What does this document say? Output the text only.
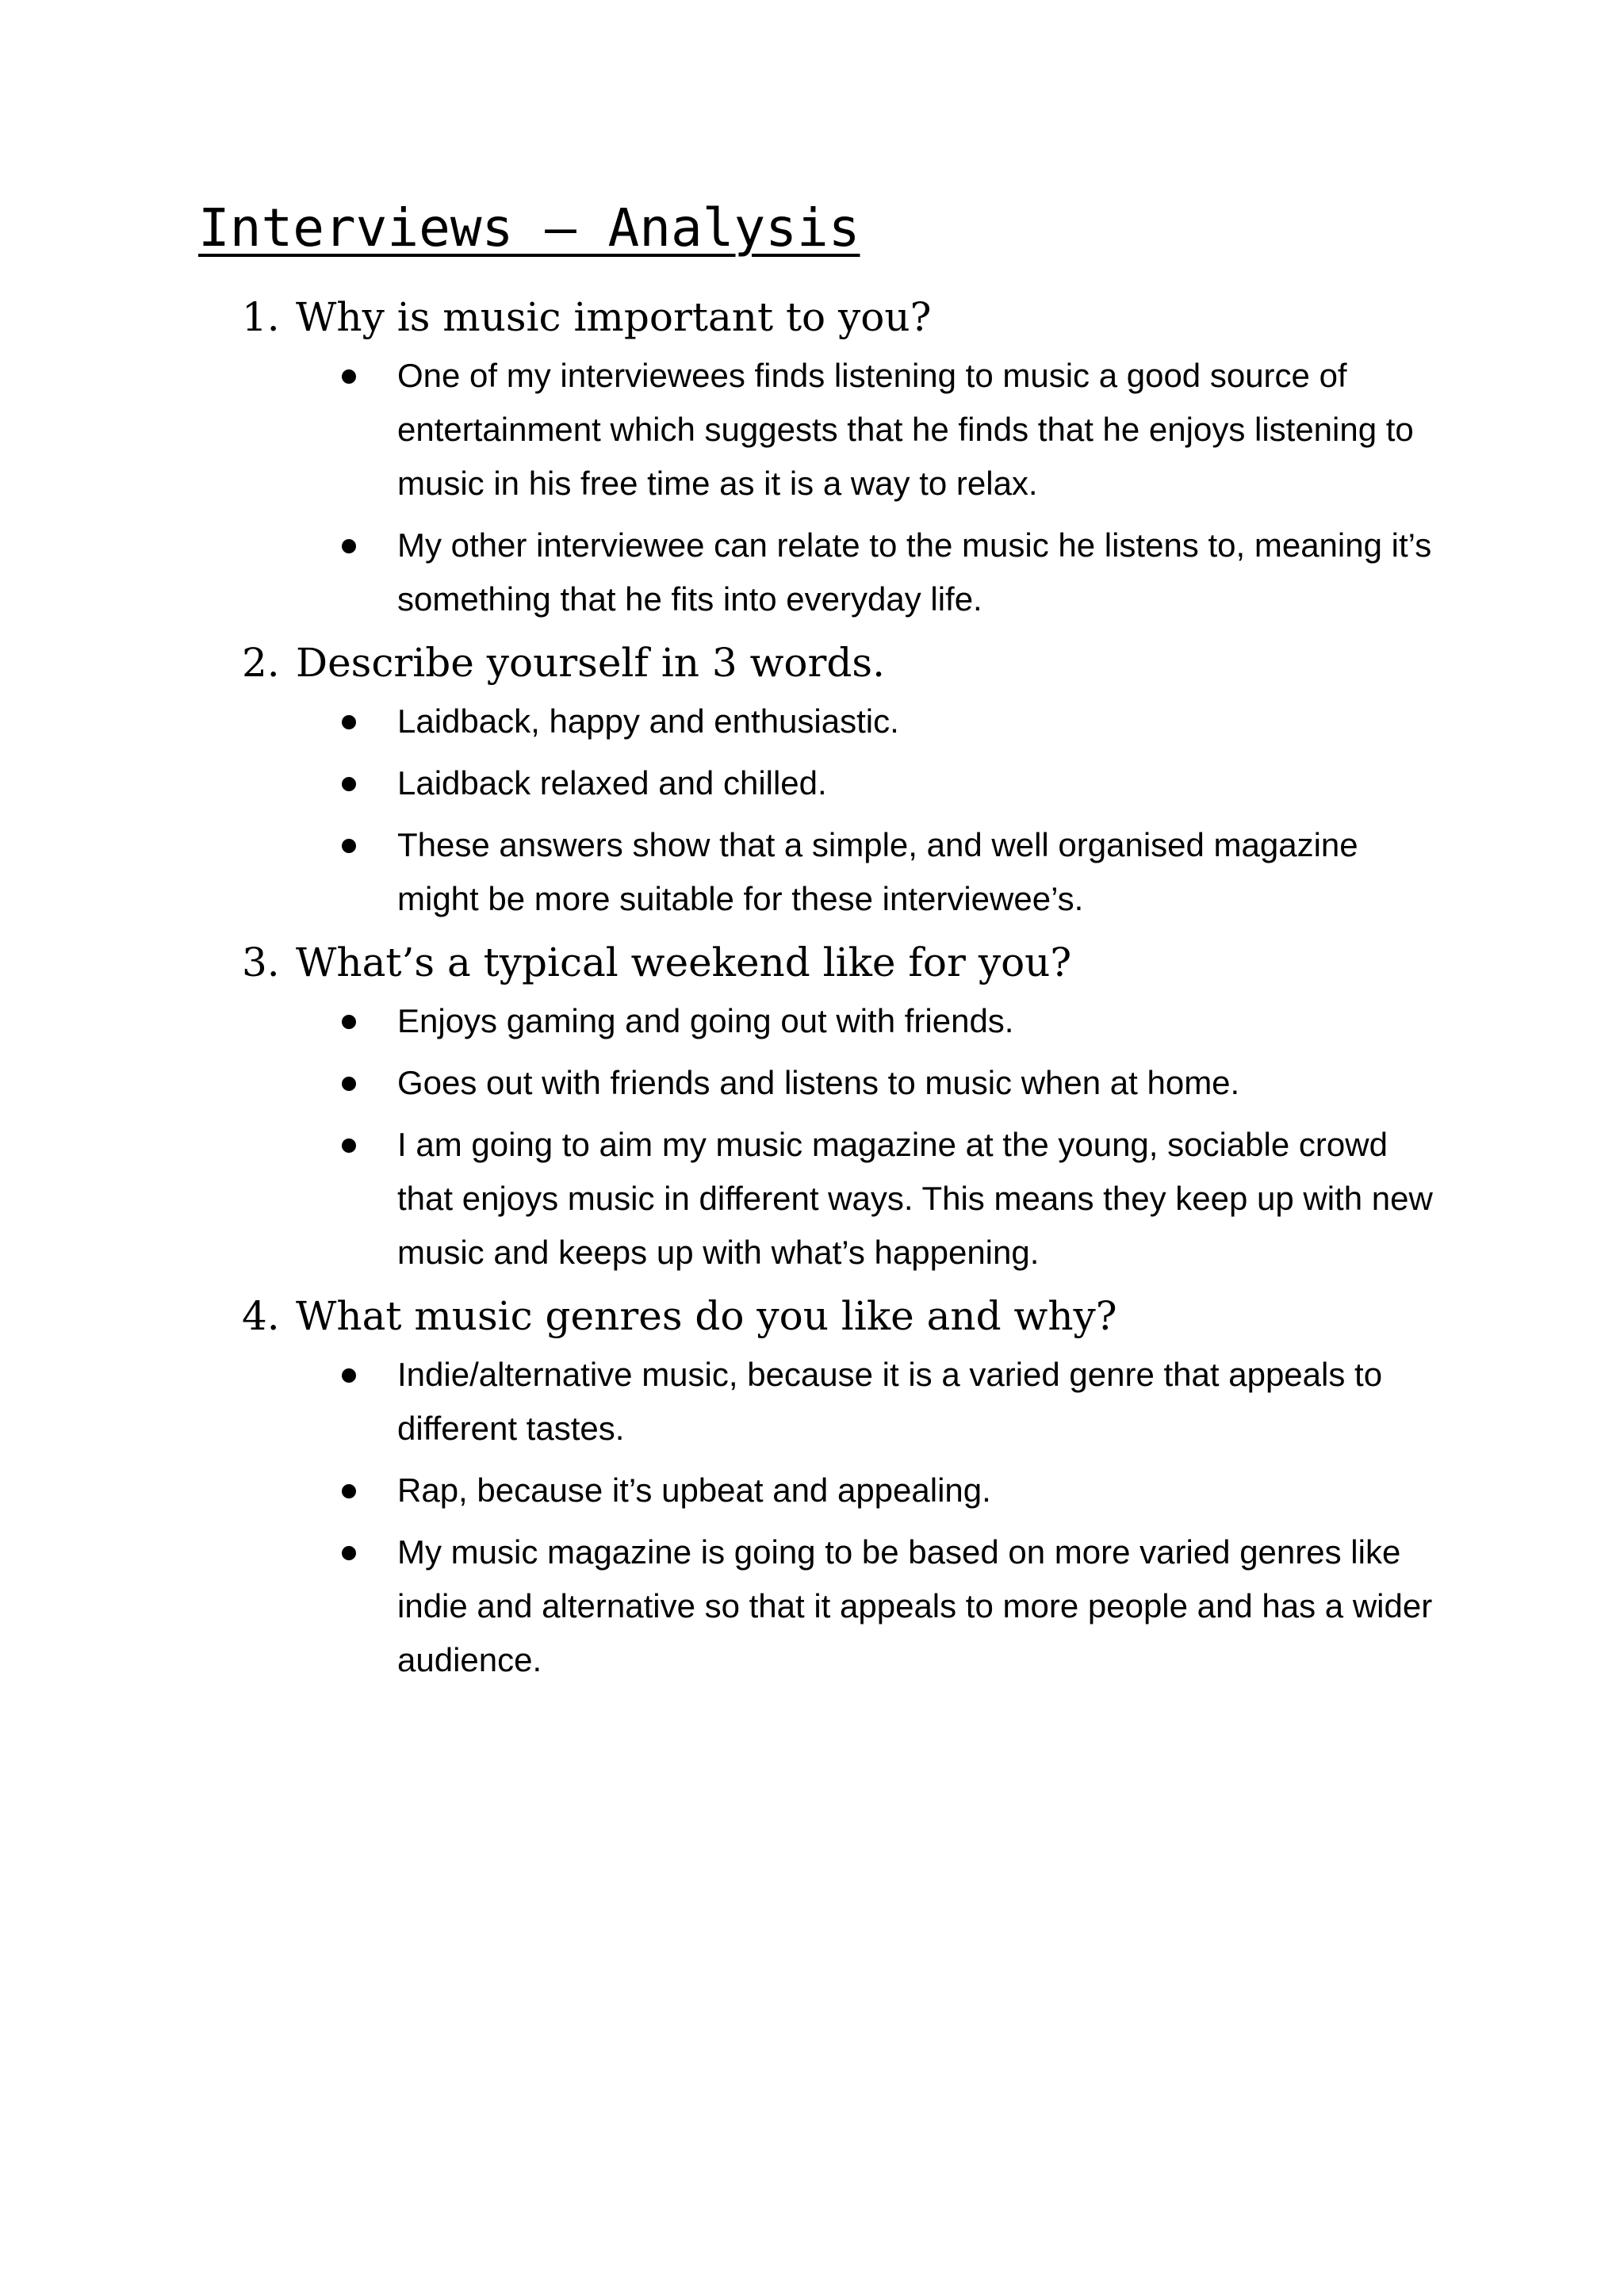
Interviews – Analysis
1. Why is music important to you?
One of my interviewees finds listening to music a good source of entertainment which suggests that he finds that he enjoys listening to music in his free time as it is a way to relax.
My other interviewee can relate to the music he listens to, meaning it’s something that he fits into everyday life.
2. Describe yourself in 3 words.
Laidback, happy and enthusiastic.
Laidback relaxed and chilled.
These answers show that a simple, and well organised magazine might be more suitable for these interviewee’s.
3. What’s a typical weekend like for you?
Enjoys gaming and going out with friends.
Goes out with friends and listens to music when at home.
I am going to aim my music magazine at the young, sociable crowd that enjoys music in different ways. This means they keep up with new music and keeps up with what’s happening.
4. What music genres do you like and why?
Indie/alternative music, because it is a varied genre that appeals to different tastes.
Rap, because it’s upbeat and appealing.
My music magazine is going to be based on more varied genres like indie and alternative so that it appeals to more people and has a wider audience.
